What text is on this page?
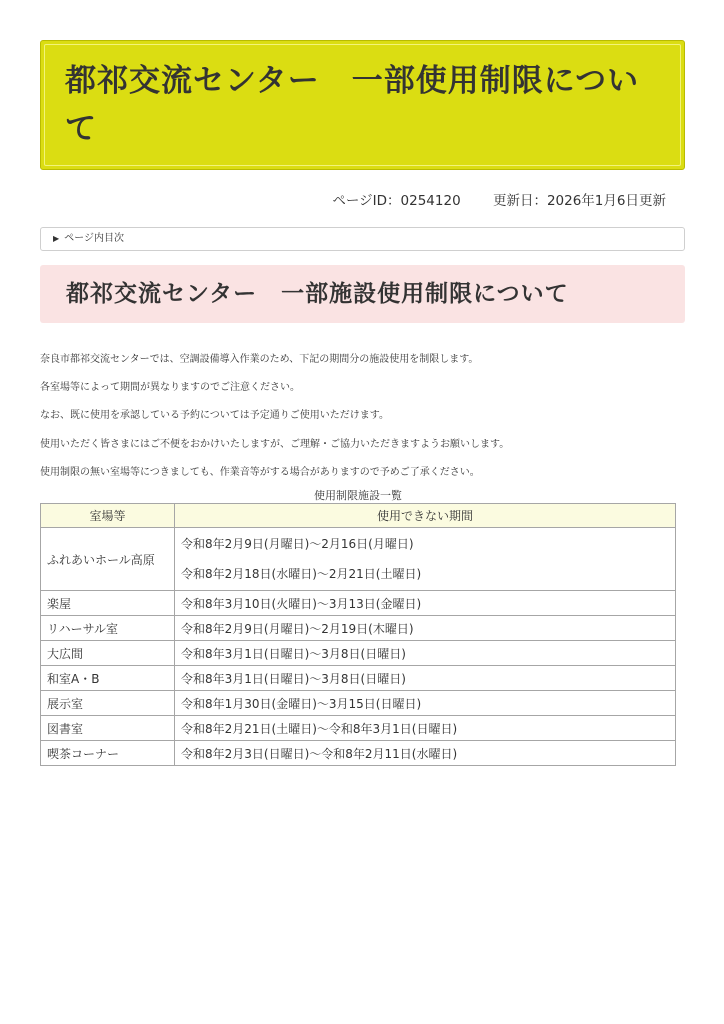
都祁交流センター　一部使用制限について
ページID：0254120 更新日：2026年1月6日更新
▶ ページ内目次
都祁交流センター　一部施設使用制限について

奈良市都祁交流センターでは、空調設備導入作業のため、下記の期間分の施設使用を制限します。

各室場等によって期間が異なりますのでご注意ください。

なお、既に使用を承認している予約については予定通りご使用いただけます。

使用いただく皆さまにはご不便をおかけいたしますが、ご理解・ご協力いただきますようお願いします。

使用制限の無い室場等につきましても、作業音等がする場合がありますので予めご了承ください。

使用制限施設一覧
室場等	使用できない期間
ふれあいホール高原	令和8年2月9日(月曜日)～2月16日(月曜日)
令和8年2月18日(水曜日)～2月21日(土曜日)

楽屋	令和8年3月10日(火曜日)～3月13日(金曜日)
リハーサル室	令和8年2月9日(月曜日)～2月19日(木曜日)
大広間	令和8年3月1日(日曜日)～3月8日(日曜日)
和室A・B	令和8年3月1日(日曜日)～3月8日(日曜日)
展示室	令和8年1月30日(金曜日)～3月15日(日曜日)
図書室	令和8年2月21日(土曜日)～令和8年3月1日(日曜日)
喫茶コーナー	令和8年2月3日(日曜日)～令和8年2月11日(水曜日)
